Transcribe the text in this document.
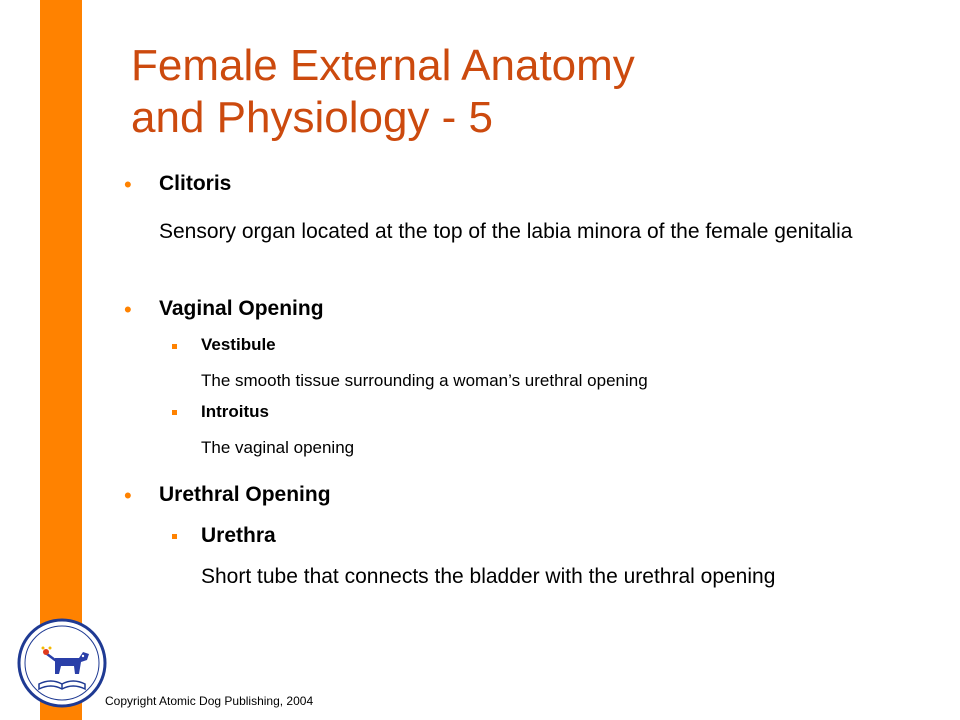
Female External Anatomy
and Physiology - 5
• Clitoris
Sensory organ located at the top of the labia minora of the female genitalia
• Vaginal Opening
Vestibule
The smooth tissue surrounding a woman’s urethral opening
Introitus
The vaginal opening
• Urethral Opening
Urethra
Short tube that connects the bladder with the urethral opening
Copyright Atomic Dog Publishing, 2004
